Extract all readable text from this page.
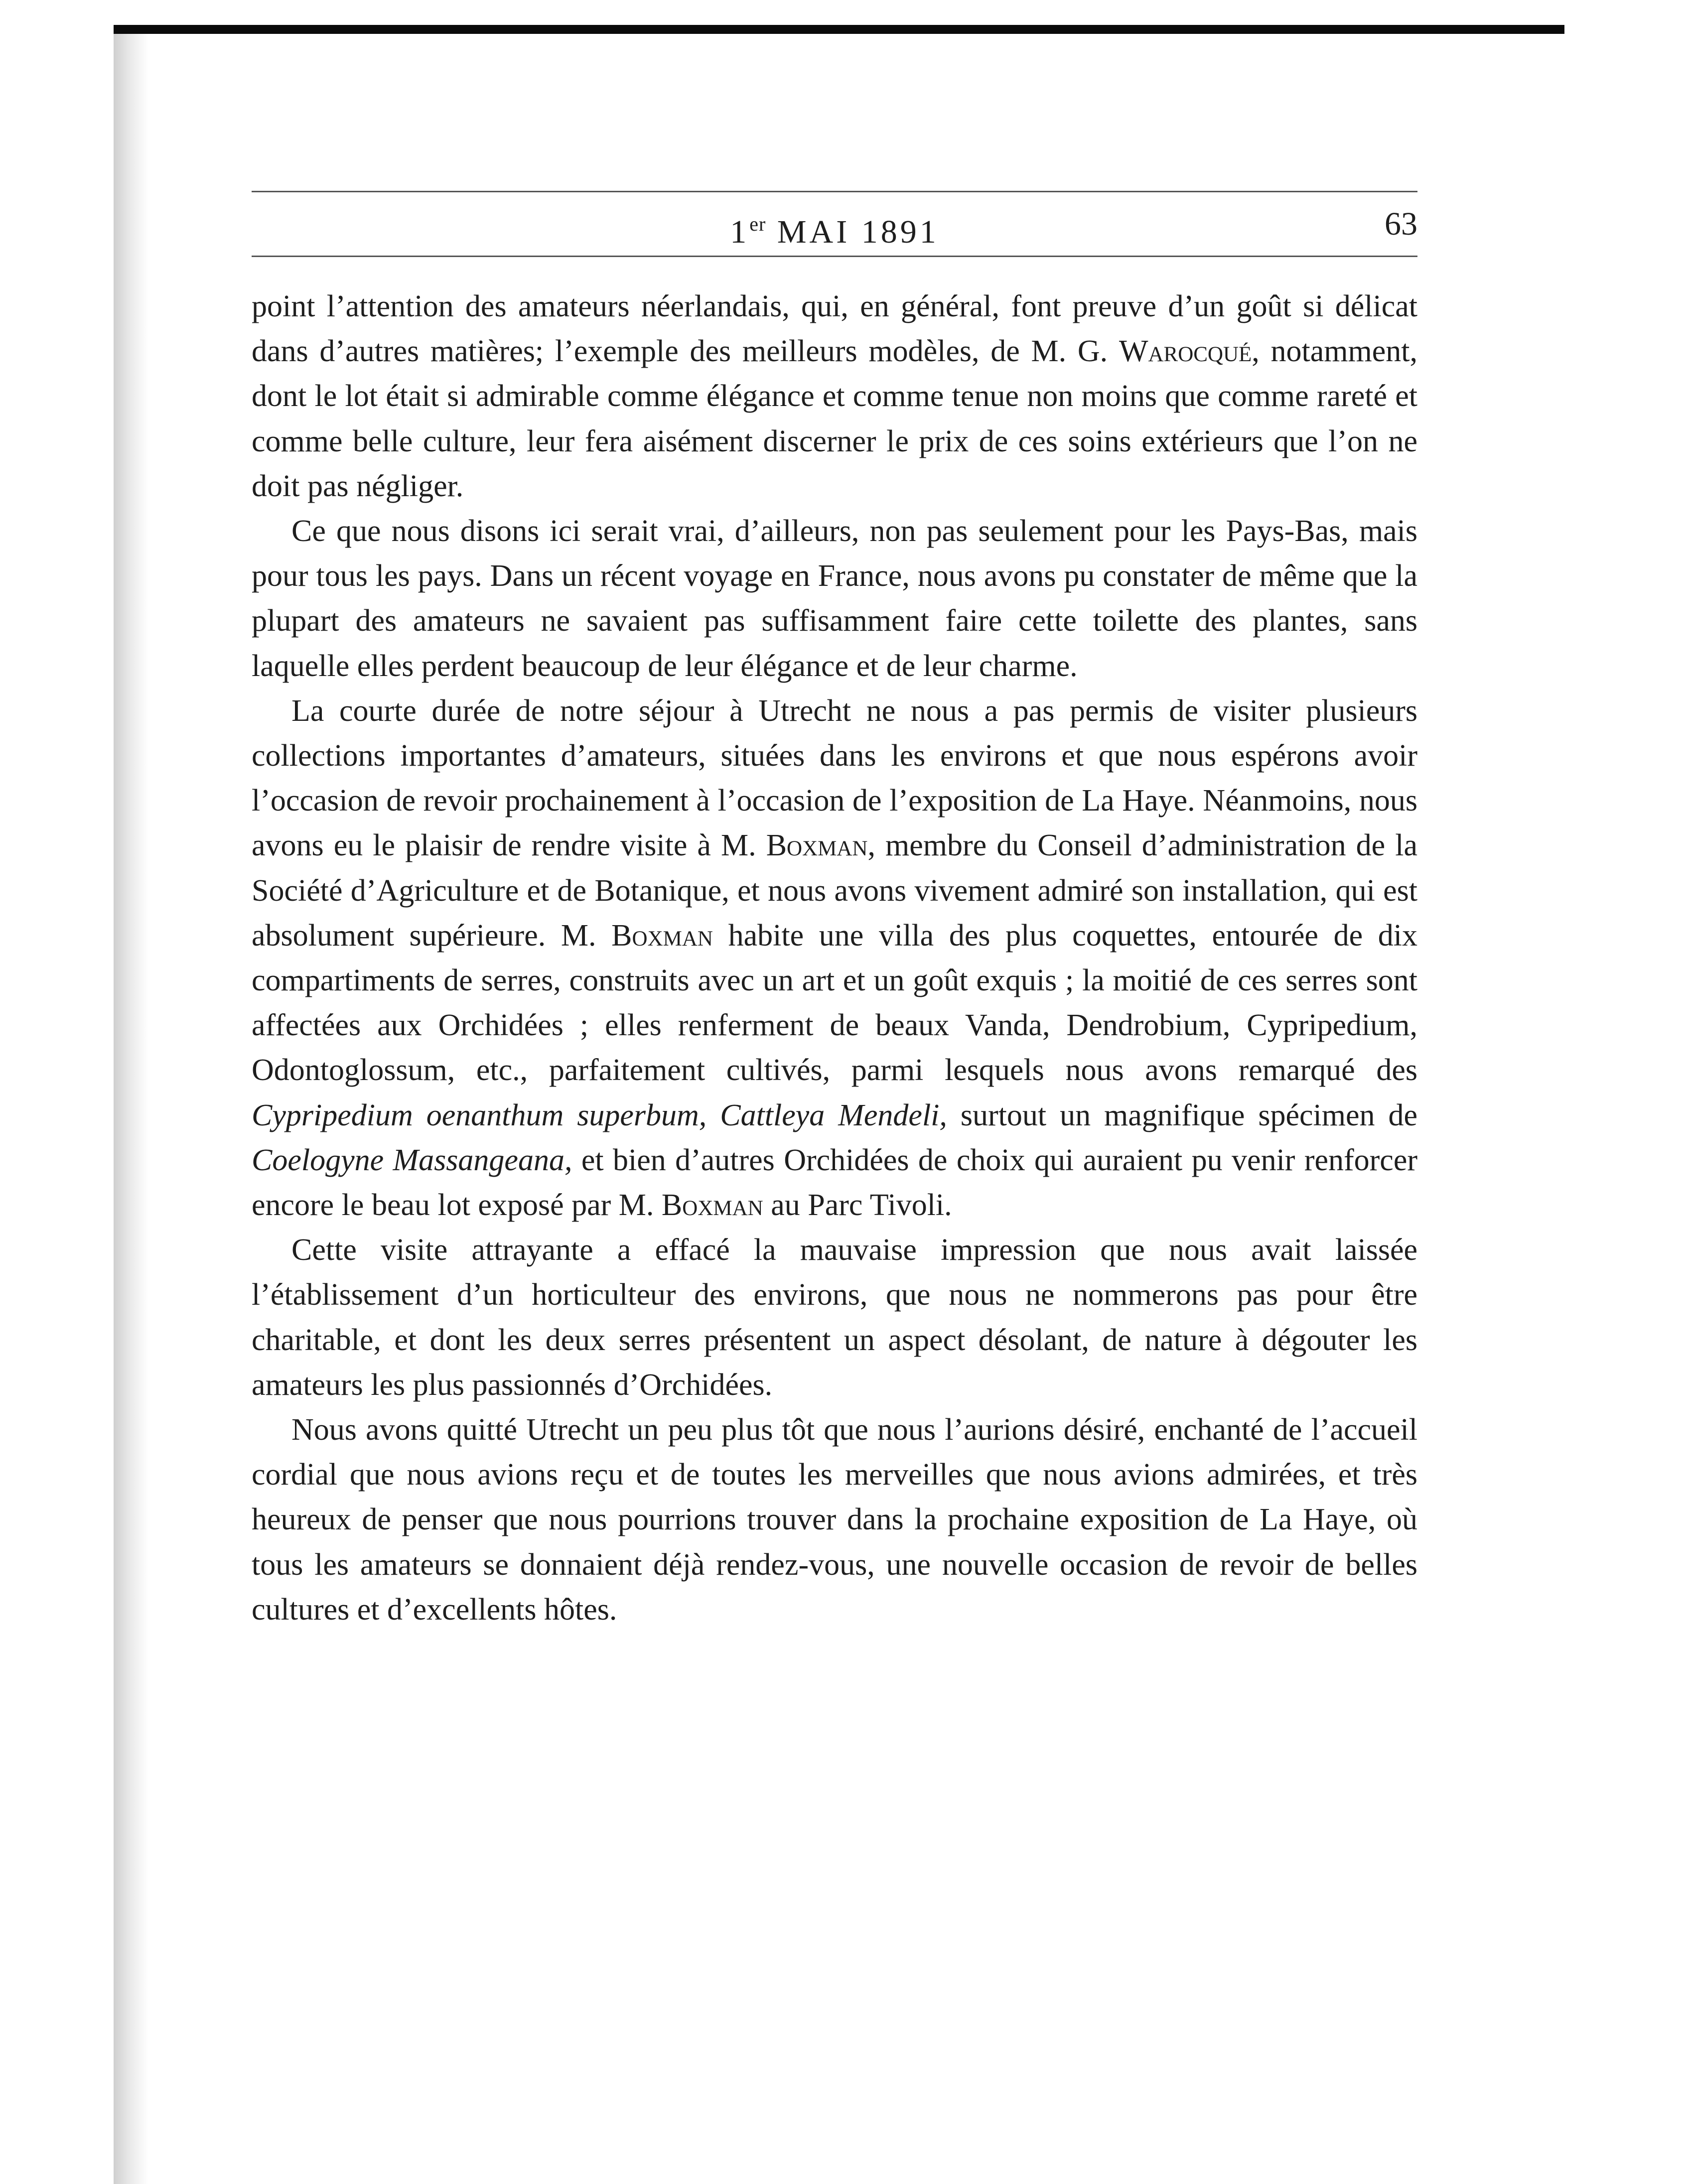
1er MAI 1891	63

point l’attention des amateurs néerlandais, qui, en général, font preuve d’un goût si délicat dans d’autres matières; l’exemple des meilleurs modèles, de M. G. Warocqué, notamment, dont le lot était si admirable comme élégance et comme tenue non moins que comme rareté et comme belle culture, leur fera aisément discerner le prix de ces soins extérieurs que l’on ne doit pas négliger.

Ce que nous disons ici serait vrai, d’ailleurs, non pas seulement pour les Pays-Bas, mais pour tous les pays. Dans un récent voyage en France, nous avons pu constater de même que la plupart des amateurs ne savaient pas suffisamment faire cette toilette des plantes, sans laquelle elles perdent beaucoup de leur élégance et de leur charme.

La courte durée de notre séjour à Utrecht ne nous a pas permis de visiter plusieurs collections importantes d’amateurs, situées dans les environs et que nous espérons avoir l’occasion de revoir prochainement à l’occasion de l’exposition de La Haye. Néanmoins, nous avons eu le plaisir de rendre visite à M. Boxman, membre du Conseil d’administration de la Société d’Agriculture et de Botanique, et nous avons vivement admiré son installation, qui est absolument supérieure. M. Boxman habite une villa des plus coquettes, entourée de dix compartiments de serres, construits avec un art et un goût exquis ; la moitié de ces serres sont affectées aux Orchidées ; elles renferment de beaux Vanda, Dendrobium, Cypripedium, Odontoglossum, etc., parfaitement cultivés, parmi lesquels nous avons remarqué des Cypripedium oenanthum superbum, Cattleya Mendeli, surtout un magnifique spécimen de Coelogyne Massangeana, et bien d’autres Orchidées de choix qui auraient pu venir renforcer encore le beau lot exposé par M. Boxman au Parc Tivoli.

Cette visite attrayante a effacé la mauvaise impression que nous avait laissée l’établissement d’un horticulteur des environs, que nous ne nommerons pas pour être charitable, et dont les deux serres présentent un aspect désolant, de nature à dégouter les amateurs les plus passionnés d’Orchidées.

Nous avons quitté Utrecht un peu plus tôt que nous l’aurions désiré, enchanté de l’accueil cordial que nous avions reçu et de toutes les merveilles que nous avions admirées, et très heureux de penser que nous pourrions trouver dans la prochaine exposition de La Haye, où tous les amateurs se donnaient déjà rendez-vous, une nouvelle occasion de revoir de belles cultures et d’excellents hôtes.
